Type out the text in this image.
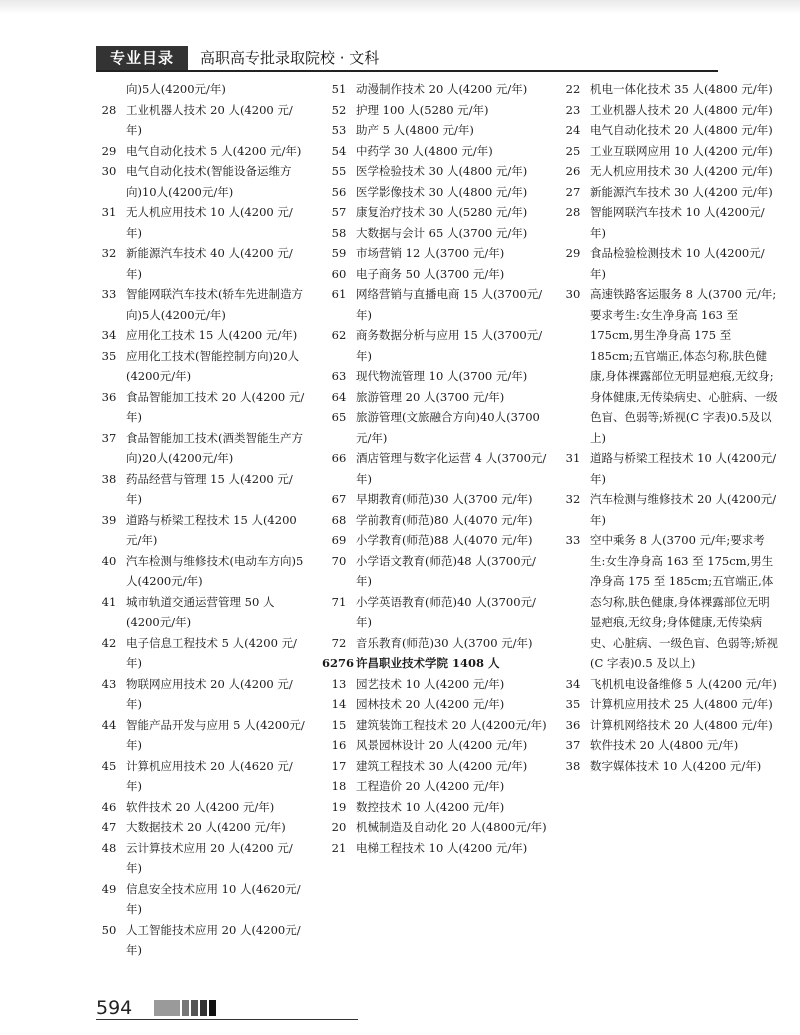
专业目录	高职高专批录取院校 · 文科
向)5人(4200元/年)
28 工业机器人技术 20 人(4200 元/年)
29 电气自动化技术 5 人(4200 元/年)
30 电气自动化技术(智能设备运维方向)10人(4200元/年)
31 无人机应用技术 10 人(4200 元/年)
32 新能源汽车技术 40 人(4200 元/年)
33 智能网联汽车技术(轿车先进制造方向)5人(4200元/年)
34 应用化工技术 15 人(4200 元/年)
35 应用化工技术(智能控制方向)20人(4200元/年)
36 食品智能加工技术 20 人(4200 元/年)
37 食品智能加工技术(酒类智能生产方向)20人(4200元/年)
38 药品经营与管理 15 人(4200 元/年)
39 道路与桥梁工程技术 15 人(4200 元/年)
40 汽车检测与维修技术(电动车方向)5人(4200元/年)
41 城市轨道交通运营管理 50 人(4200元/年)
42 电子信息工程技术 5 人(4200 元/年)
43 物联网应用技术 20 人(4200 元/年)
44 智能产品开发与应用 5 人(4200元/年)
45 计算机应用技术 20 人(4620 元/年)
46 软件技术 20 人(4200 元/年)
47 大数据技术 20 人(4200 元/年)
48 云计算技术应用 20 人(4200 元/年)
49 信息安全技术应用 10 人(4620元/年)
50 人工智能技术应用 20 人(4200元/年)
51 动漫制作技术 20 人(4200 元/年)
52 护理 100 人(5280 元/年)
53 助产 5 人(4800 元/年)
54 中药学 30 人(4800 元/年)
55 医学检验技术 30 人(4800 元/年)
56 医学影像技术 30 人(4800 元/年)
57 康复治疗技术 30 人(5280 元/年)
58 大数据与会计 65 人(3700 元/年)
59 市场营销 12 人(3700 元/年)
60 电子商务 50 人(3700 元/年)
61 网络营销与直播电商 15 人(3700元/年)
62 商务数据分析与应用 15 人(3700元/年)
63 现代物流管理 10 人(3700 元/年)
64 旅游管理 20 人(3700 元/年)
65 旅游管理(文旅融合方向)40人(3700元/年)
66 酒店管理与数字化运营 4 人(3700元/年)
67 早期教育(师范)30 人(3700 元/年)
68 学前教育(师范)80 人(4070 元/年)
69 小学教育(师范)88 人(4070 元/年)
70 小学语文教育(师范)48 人(3700元/年)
71 小学英语教育(师范)40 人(3700元/年)
72 音乐教育(师范)30 人(3700 元/年)
6276 许昌职业技术学院 1408 人
13 园艺技术 10 人(4200 元/年)
14 园林技术 20 人(4200 元/年)
15 建筑装饰工程技术 20 人(4200元/年)
16 风景园林设计 20 人(4200 元/年)
17 建筑工程技术 30 人(4200 元/年)
18 工程造价 20 人(4200 元/年)
19 数控技术 10 人(4200 元/年)
20 机械制造及自动化 20 人(4800元/年)
21 电梯工程技术 10 人(4200 元/年)
22 机电一体化技术 35 人(4800 元/年)
23 工业机器人技术 20 人(4800 元/年)
24 电气自动化技术 20 人(4800 元/年)
25 工业互联网应用 10 人(4200 元/年)
26 无人机应用技术 30 人(4200 元/年)
27 新能源汽车技术 30 人(4200 元/年)
28 智能网联汽车技术 10 人(4200元/年)
29 食品检验检测技术 10 人(4200元/年)
30 高速铁路客运服务 8 人(3700 元/年;要求考生:女生净身高 163 至175cm,男生净身高 175 至 185cm;五官端正,体态匀称,肤色健康,身体裸露部位无明显疤痕,无纹身;身体健康,无传染病史、心脏病、一级色盲、色弱等;矫视(C 字表)0.5及以上)
31 道路与桥梁工程技术 10 人(4200元/年)
32 汽车检测与维修技术 20 人(4200元/年)
33 空中乘务 8 人(3700 元/年;要求考生:女生净身高 163 至 175cm,男生净身高 175 至 185cm;五官端正,体态匀称,肤色健康,身体裸露部位无明显疤痕,无纹身;身体健康,无传染病史、心脏病、一级色盲、色弱等;矫视(C 字表)0.5 及以上)
34 飞机机电设备维修 5 人(4200 元/年)
35 计算机应用技术 25 人(4800 元/年)
36 计算机网络技术 20 人(4800 元/年)
37 软件技术 20 人(4800 元/年)
38 数字媒体技术 10 人(4200 元/年)
594
